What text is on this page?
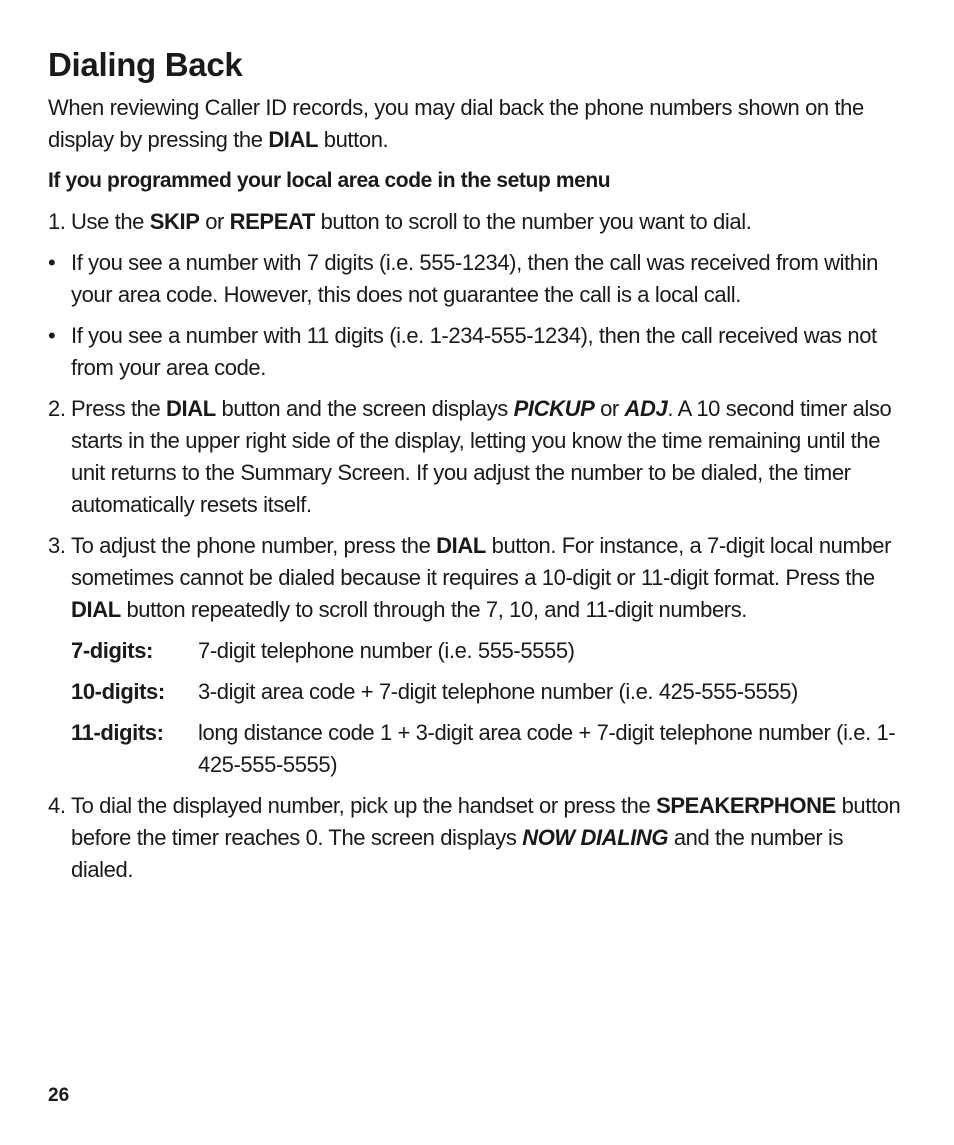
Dialing Back

When reviewing Caller ID records, you may dial back the phone numbers shown on the display by pressing the DIAL button.

If you programmed your local area code in the setup menu

1. Use the SKIP or REPEAT button to scroll to the number you want to dial.
• If you see a number with 7 digits (i.e. 555-1234), then the call was received from within your area code. However, this does not guarantee the call is a local call.
• If you see a number with 11 digits (i.e. 1-234-555-1234), then the call received was not from your area code.
2. Press the DIAL button and the screen displays PICKUP or ADJ. A 10 second timer also starts in the upper right side of the display, letting you know the time remaining until the unit returns to the Summary Screen. If you adjust the number to be dialed, the timer automatically resets itself.
3. To adjust the phone number, press the DIAL button. For instance, a 7-digit local number sometimes cannot be dialed because it requires a 10-digit or 11-digit format. Press the DIAL button repeatedly to scroll through the 7, 10, and 11-digit numbers.
7-digits:	7-digit telephone number (i.e. 555-5555)
10-digits:	3-digit area code + 7-digit telephone number (i.e. 425-555-5555)
11-digits:	long distance code 1 + 3-digit area code + 7-digit telephone number (i.e. 1-425-555-5555)
4. To dial the displayed number, pick up the handset or press the SPEAKERPHONE button before the timer reaches 0. The screen displays NOW DIALING and the number is dialed.
26
